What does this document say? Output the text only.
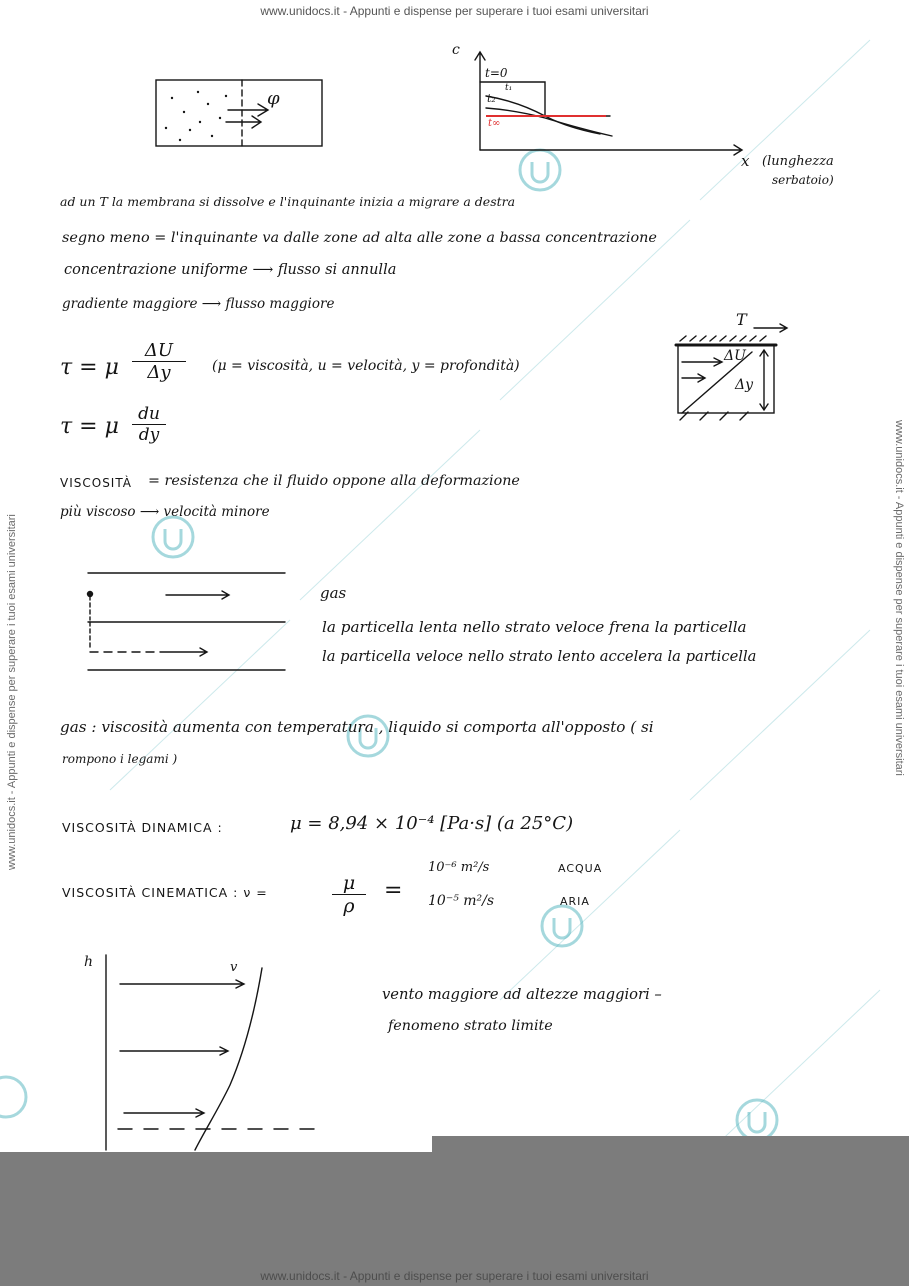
www.unidocs.it - Appunti e dispense per superare i tuoi esami universitari
www.unidocs.it - Appunti e dispense per superare i tuoi esami universitari	www.unidocs.it - Appunti e dispense per superare i tuoi esami universitari
φ
c
t=0
t₁
t₂
t∞
x (lunghezza
serbatoio)
ad un T la membrana si dissolve e l'inquinante inizia a migrare a destra
segno meno = l'inquinante va dalle zone ad alta alle zone a bassa concentrazione
concentrazione uniforme ⟶ flusso si annulla
gradiente maggiore ⟶ flusso maggiore
τ = μ $\frac{\Delta U}{\Delta y} (\mu$ = viscosità, u = velocità, y = profondità)
τ = μ $\frac{du}{dy}$
T
ΔU
Δy
VISCOSITÀ = resistenza che il fluido oppone alla deformazione
più viscoso ⟶ velocità minore
gas
la particella lenta nello strato veloce frena la particella
la particella veloce nello strato lento accelera la particella
gas : viscosità aumenta con temperatura , liquido si comporta all'opposto ( si
rompono i legami )
VISCOSITÀ DINAMICA :	μ = 8,94 × 10⁻⁴ [Pa·s] (a 25°C)
VISCOSITÀ CINEMATICA : ν =	$\frac{\mu}{\rho}$ =
10⁻⁶ m²/s	ACQUA
10⁻⁵ m²/s	ARIA
h	v
vento maggiore ad altezze maggiori –
fenomeno strato limite
www.unidocs.it - Appunti e dispense per superare i tuoi esami universitari
